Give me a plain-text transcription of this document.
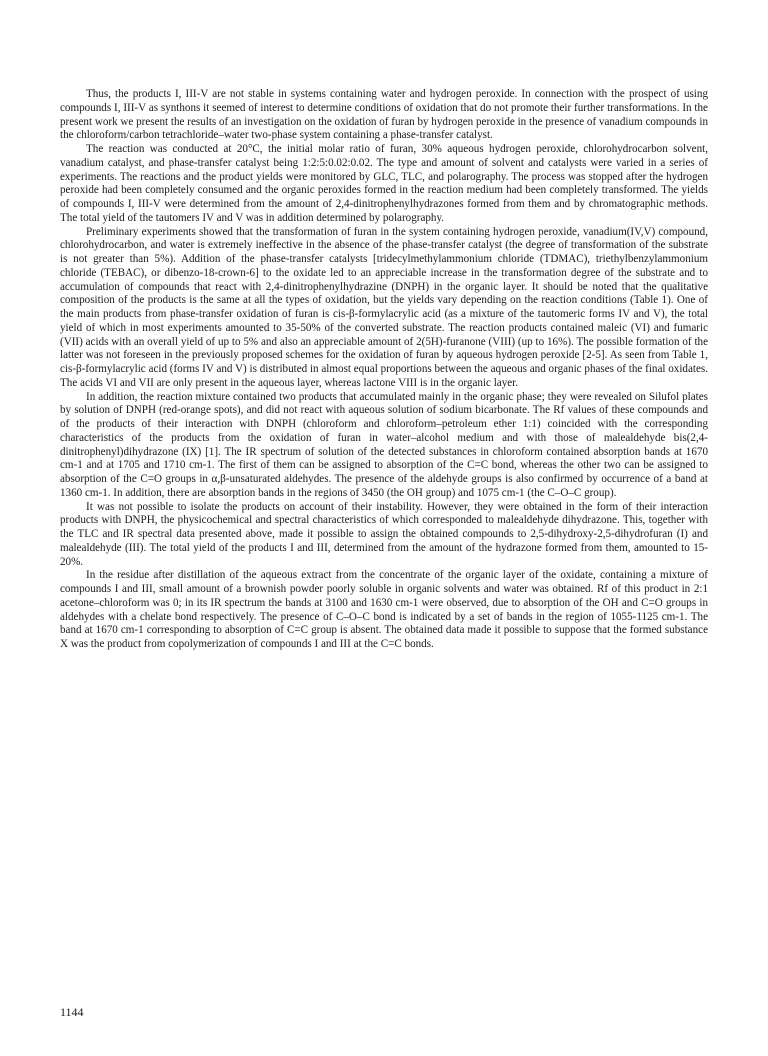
Thus, the products I, III-V are not stable in systems containing water and hydrogen peroxide. In connection with the prospect of using compounds I, III-V as synthons it seemed of interest to determine conditions of oxidation that do not promote their further transformations. In the present work we present the results of an investigation on the oxidation of furan by hydrogen peroxide in the presence of vanadium compounds in the chloroform/carbon tetrachloride–water two-phase system containing a phase-transfer catalyst.

The reaction was conducted at 20°C, the initial molar ratio of furan, 30% aqueous hydrogen peroxide, chlorohydrocarbon solvent, vanadium catalyst, and phase-transfer catalyst being 1:2:5:0.02:0.02. The type and amount of solvent and catalysts were varied in a series of experiments. The reactions and the product yields were monitored by GLC, TLC, and polarography. The process was stopped after the hydrogen peroxide had been completely consumed and the organic peroxides formed in the reaction medium had been completely transformed. The yields of compounds I, III-V were determined from the amount of 2,4-dinitrophenylhydrazones formed from them and by chromatographic methods. The total yield of the tautomers IV and V was in addition determined by polarography.

Preliminary experiments showed that the transformation of furan in the system containing hydrogen peroxide, vanadium(IV,V) compound, chlorohydrocarbon, and water is extremely ineffective in the absence of the phase-transfer catalyst (the degree of transformation of the substrate is not greater than 5%). Addition of the phase-transfer catalysts [tridecylmethylammonium chloride (TDMAC), triethylbenzylammonium chloride (TEBAC), or dibenzo-18-crown-6] to the oxidate led to an appreciable increase in the transformation degree of the substrate and to accumulation of compounds that react with 2,4-dinitrophenylhydrazine (DNPH) in the organic layer. It should be noted that the qualitative composition of the products is the same at all the types of oxidation, but the yields vary depending on the reaction conditions (Table 1). One of the main products from phase-transfer oxidation of furan is cis-β-formylacrylic acid (as a mixture of the tautomeric forms IV and V), the total yield of which in most experiments amounted to 35-50% of the converted substrate. The reaction products contained maleic (VI) and fumaric (VII) acids with an overall yield of up to 5% and also an appreciable amount of 2(5H)-furanone (VIII) (up to 16%). The possible formation of the latter was not foreseen in the previously proposed schemes for the oxidation of furan by aqueous hydrogen peroxide [2-5]. As seen from Table 1, cis-β-formylacrylic acid (forms IV and V) is distributed in almost equal proportions between the aqueous and organic phases of the final oxidates. The acids VI and VII are only present in the aqueous layer, whereas lactone VIII is in the organic layer.

In addition, the reaction mixture contained two products that accumulated mainly in the organic phase; they were revealed on Silufol plates by solution of DNPH (red-orange spots), and did not react with aqueous solution of sodium bicarbonate. The Rf values of these compounds and of the products of their interaction with DNPH (chloroform and chloroform–petroleum ether 1:1) coincided with the corresponding characteristics of the products from the oxidation of furan in water–alcohol medium and with those of malealdehyde bis(2,4-dinitrophenyl)dihydrazone (IX) [1]. The IR spectrum of solution of the detected substances in chloroform contained absorption bands at 1670 cm-1 and at 1705 and 1710 cm-1. The first of them can be assigned to absorption of the C=C bond, whereas the other two can be assigned to absorption of the C=O groups in α,β-unsaturated aldehydes. The presence of the aldehyde groups is also confirmed by occurrence of a band at 1360 cm-1. In addition, there are absorption bands in the regions of 3450 (the OH group) and 1075 cm-1 (the C–O–C group).

It was not possible to isolate the products on account of their instability. However, they were obtained in the form of their interaction products with DNPH, the physicochemical and spectral characteristics of which corresponded to malealdehyde dihydrazone. This, together with the TLC and IR spectral data presented above, made it possible to assign the obtained compounds to 2,5-dihydroxy-2,5-dihydrofuran (I) and malealdehyde (III). The total yield of the products I and III, determined from the amount of the hydrazone formed from them, amounted to 15-20%.

In the residue after distillation of the aqueous extract from the concentrate of the organic layer of the oxidate, containing a mixture of compounds I and III, small amount of a brownish powder poorly soluble in organic solvents and water was obtained. Rf of this product in 2:1 acetone–chloroform was 0; in its IR spectrum the bands at 3100 and 1630 cm-1 were observed, due to absorption of the OH and C=O groups in aldehydes with a chelate bond respectively. The presence of C–O–C bond is indicated by a set of bands in the region of 1055-1125 cm-1. The band at 1670 cm-1 corresponding to absorption of C=C group is absent. The obtained data made it possible to suppose that the formed substance X was the product from copolymerization of compounds I and III at the C=C bonds.

1144
